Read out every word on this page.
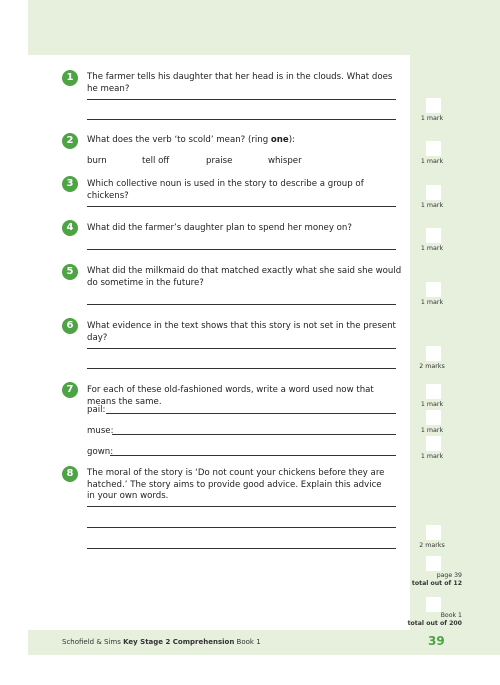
1	The farmer tells his daughter that her head is in the clouds. What does he mean?
1 mark
2	What does the verb ‘to scold’ mean? (ring one):
burn	tell off	praise	whisper	1 mark
3	Which collective noun is used in the story to describe a group of chickens?
1 mark
4	What did the farmer’s daughter plan to spend her money on?
1 mark
5	What did the milkmaid do that matched exactly what she said she would do sometime in the future?
1 mark
6	What evidence in the text shows that this story is not set in the present day?
2 marks
7	For each of these old-fashioned words, write a word used now that means the same.
pail:
1 mark
muse:	1 mark
gown:	1 mark
8	The moral of the story is ‘Do not count your chickens before they are hatched.’ The story aims to provide good advice. Explain this advice in your own words.
2 marks
page 39
total out of 12
Book 1
total out of 200
Schofield & Sims Key Stage 2 Comprehension Book 1	39
